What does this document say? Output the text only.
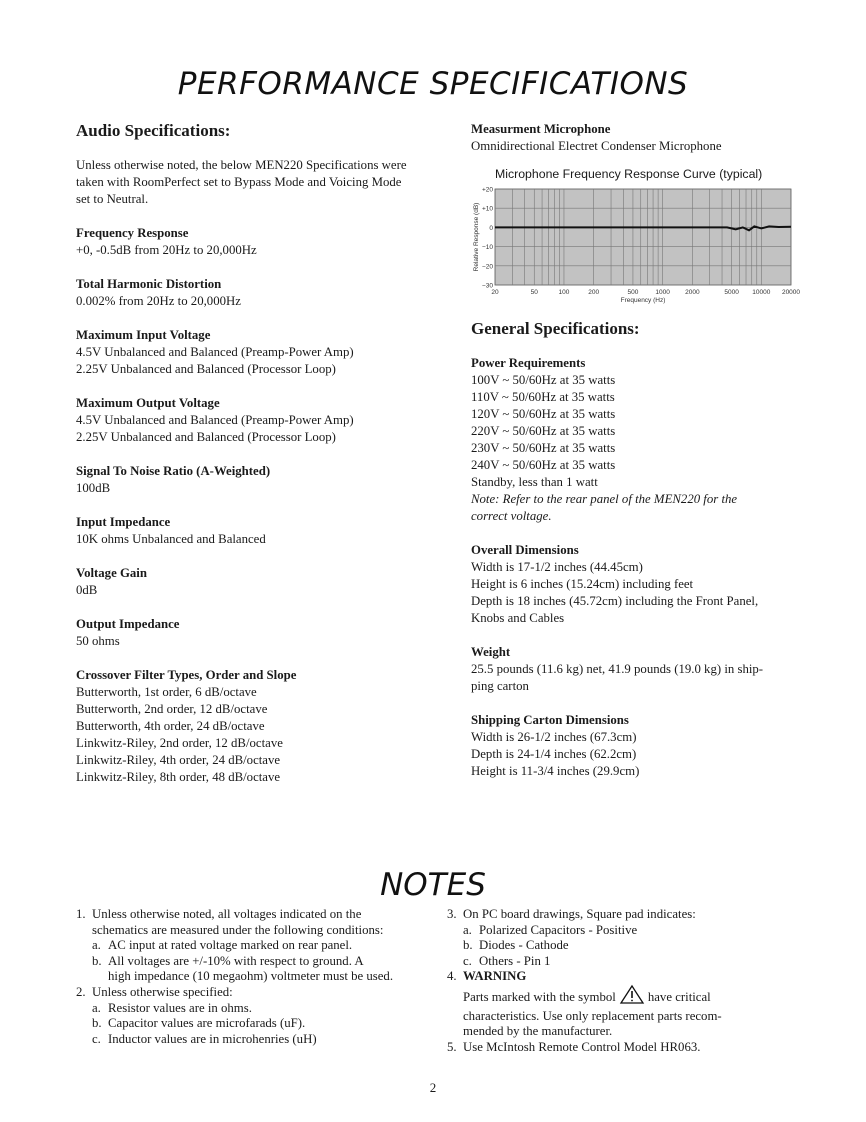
PERFORMANCE SPECIFICATIONS

Audio Specifications:

Unless otherwise noted, the below MEN220 Specifications were

taken with RoomPerfect set to Bypass Mode and Voicing Mode

set to Neutral.

Frequency Response

+0, -0.5dB from 20Hz to 20,000Hz

Total Harmonic Distortion

0.002% from 20Hz to 20,000Hz

Maximum Input Voltage

4.5V Unbalanced and Balanced (Preamp-Power Amp)

2.25V Unbalanced and Balanced (Processor Loop)

Maximum Output Voltage

4.5V Unbalanced and Balanced (Preamp-Power Amp)

2.25V Unbalanced and Balanced (Processor Loop)

Signal To Noise Ratio (A-Weighted)

100dB

Input Impedance

10K ohms Unbalanced and Balanced

Voltage Gain

0dB

Output Impedance

50 ohms

Crossover Filter Types, Order and Slope

Butterworth, 1st order, 6 dB/octave

Butterworth, 2nd order, 12 dB/octave

Butterworth, 4th order, 24 dB/octave

Linkwitz-Riley, 2nd order, 12 dB/octave

Linkwitz-Riley, 4th order, 24 dB/octave

Linkwitz-Riley, 8th order, 48 dB/octave

Measurment Microphone

Omnidirectional Electret Condenser Microphone

Microphone Frequency Response Curve (typical)

20	50	100	200	500	1000 2000	5000 10000 20000
+20
+10
0
−10
−20
−30
Frequency (Hz)
Relative Response (dB)

General Specifications:

Power Requirements

100V ~ 50/60Hz at 35 watts

110V ~ 50/60Hz at 35 watts

120V ~ 50/60Hz at 35 watts

220V ~ 50/60Hz at 35 watts

230V ~ 50/60Hz at 35 watts

240V ~ 50/60Hz at 35 watts

Standby, less than 1 watt

Note: Refer to the rear panel of the MEN220 for the

correct voltage.

Overall Dimensions

Width is 17-1/2 inches (44.45cm)

Height is 6 inches (15.24cm) including feet

Depth is 18 inches (45.72cm) including the Front Panel,

Knobs and Cables

Weight

25.5 pounds (11.6 kg) net, 41.9 pounds (19.0 kg) in ship-

ping carton

Shipping Carton Dimensions

Width is 26-1/2 inches (67.3cm)

Depth is 24-1/4 inches (62.2cm)

Height is 11-3/4 inches (29.9cm)

NOTES
1. Unless otherwise noted, all voltages indicated on the
schematics are measured under the following conditions:
a. AC input at rated voltage marked on rear panel.
b. All voltages are +/-10% with respect to ground. A
high impedance (10 megaohm) voltmeter must be used.
2. Unless otherwise specified:
a. Resistor values are in ohms.
b. Capacitor values are microfarads (uF).
c. Inductor values are in microhenries (uH)
3. On PC board drawings, Square pad indicates:
a. Polarized Capacitors - Positive
b. Diodes - Cathode
c. Others - Pin 1
4. WARNING
Parts marked with the symbol	have critical
characteristics. Use only replacement parts recom-
mended by the manufacturer.
5. Use McIntosh Remote Control Model HR063.
2
